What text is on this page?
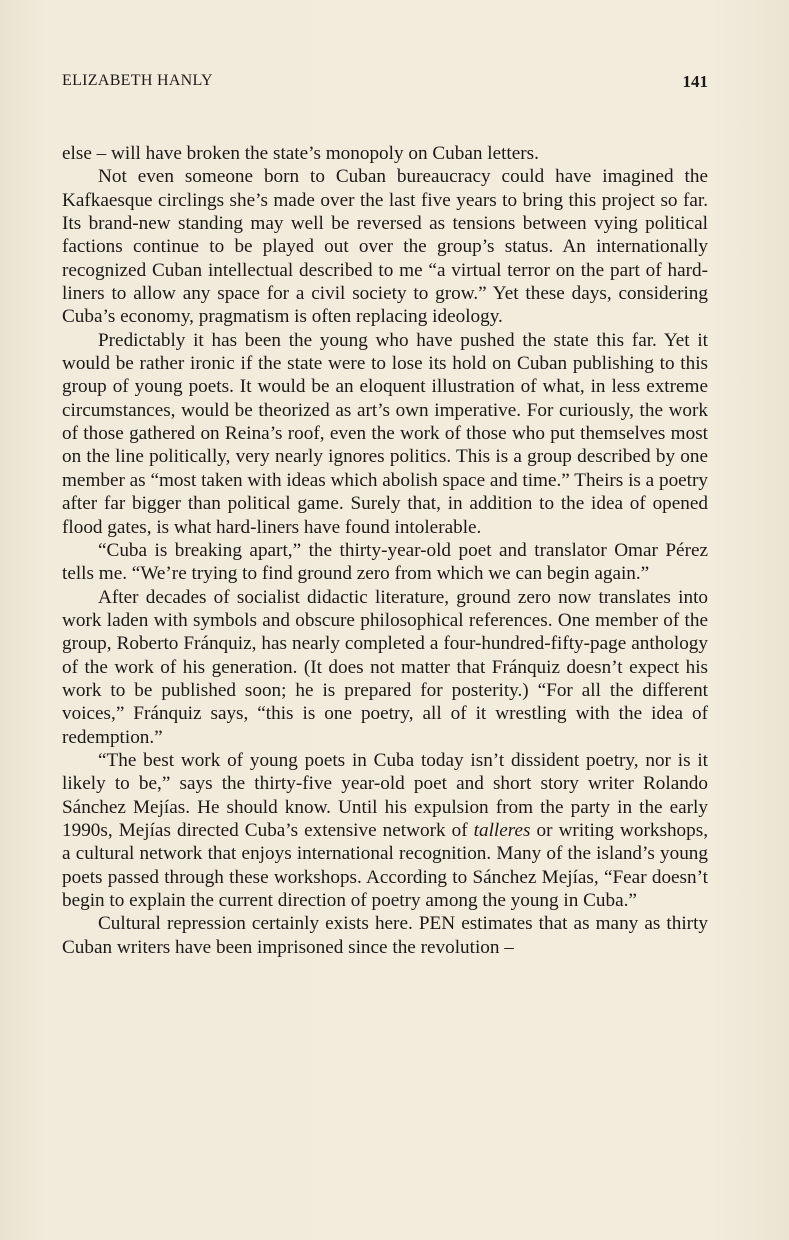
ELIZABETH HANLY	141

else – will have broken the state’s monopoly on Cuban letters.

Not even someone born to Cuban bureaucracy could have imagined the Kafkaesque circlings she’s made over the last five years to bring this project so far. Its brand-new standing may well be reversed as tensions between vying political factions continue to be played out over the group’s status. An internationally recognized Cuban intellectual described to me “a virtual terror on the part of hard-liners to allow any space for a civil society to grow.” Yet these days, considering Cuba’s economy, pragmatism is often replacing ideology.

Predictably it has been the young who have pushed the state this far. Yet it would be rather ironic if the state were to lose its hold on Cuban publishing to this group of young poets. It would be an eloquent illustration of what, in less extreme circumstances, would be theorized as art’s own imperative. For curiously, the work of those gathered on Reina’s roof, even the work of those who put themselves most on the line politically, very nearly ignores politics. This is a group described by one member as “most taken with ideas which abolish space and time.” Theirs is a poetry after far bigger than political game. Surely that, in addition to the idea of opened flood gates, is what hard-liners have found intolerable.

“Cuba is breaking apart,” the thirty-year-old poet and translator Omar Pérez tells me. “We’re trying to find ground zero from which we can begin again.”

After decades of socialist didactic literature, ground zero now translates into work laden with symbols and obscure philosophical references. One member of the group, Roberto Fránquiz, has nearly completed a four-hundred-fifty-page anthology of the work of his generation. (It does not matter that Fránquiz doesn’t expect his work to be published soon; he is prepared for posterity.) “For all the different voices,” Fránquiz says, “this is one poetry, all of it wrestling with the idea of redemption.”

“The best work of young poets in Cuba today isn’t dissident poetry, nor is it likely to be,” says the thirty-five year-old poet and short story writer Rolando Sánchez Mejías. He should know. Until his expulsion from the party in the early 1990s, Mejías directed Cuba’s extensive network of talleres or writing workshops, a cultural network that enjoys international recognition. Many of the island’s young poets passed through these workshops. According to Sánchez Mejías, “Fear doesn’t begin to explain the current direction of poetry among the young in Cuba.”

Cultural repression certainly exists here. PEN estimates that as many as thirty Cuban writers have been imprisoned since the revolution –
